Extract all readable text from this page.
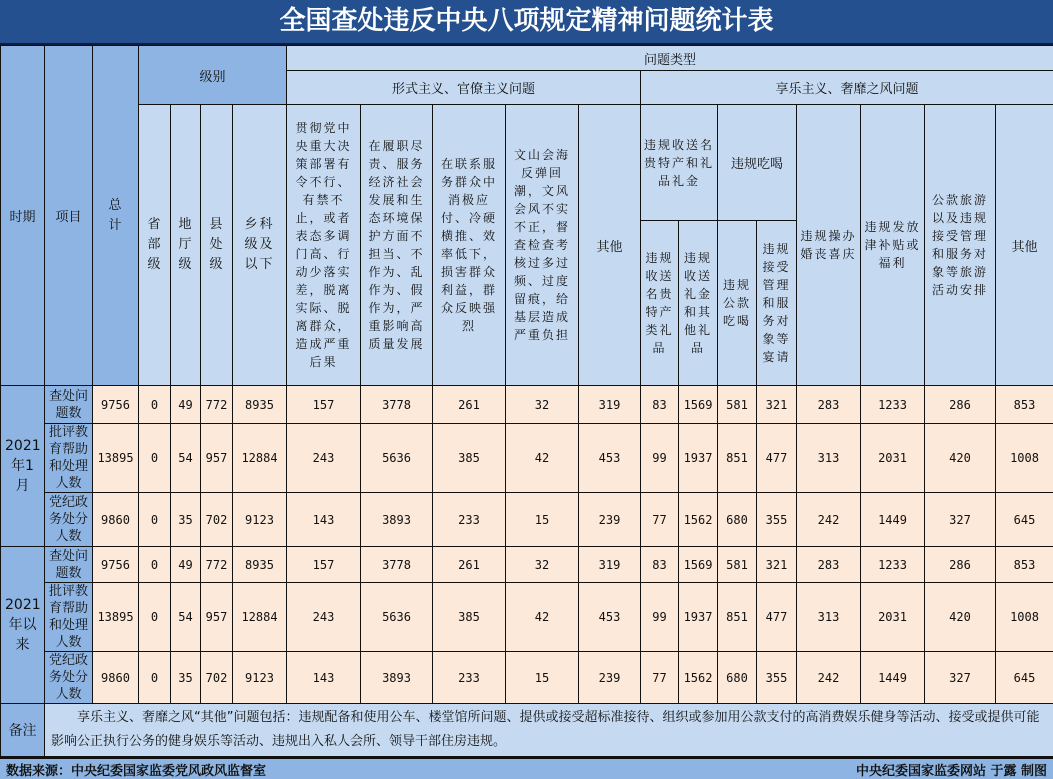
全国查处违反中央八项规定精神问题统计表
时期	项目	总计	级别				问题类型												
							形式主义、官僚主义问题					享乐主义、奢靡之风问题							

			省部级	地厅级	县处级	乡科级及以下	贯彻党中央重大决策部署有令不行、有禁不止，或者表态多调门高、行动少落实差，脱离实际、脱离群众，造成严重后果	在履职尽责、服务经济社会发展和生态环境保护方面不担当、不作为、乱作为、假作为，严重影响高质量发展	在联系服务群众中消极应付、冷硬横推、效率低下，损害群众利益，群众反映强烈	文山会海反弹回潮，文风会风不实不正，督查检查考核过多过频、过度留痕，给基层造成严重负担	其他	违规收送名贵特产和礼品礼金		违规吃喝		违规操办婚丧喜庆	违规发放津补贴或福利	公款旅游以及违规接受管理和服务对象等旅游活动安排	其他

												违规收送名贵特产类礼品	违规收送礼金和其他礼品	违规公款吃喝	违规接受管理和服务对象等宴请				

2021年1月	查处问题数	9756	0	49	772	8935	157	3778	261	32	319	83	1569	581	321	283	1233	286	853
	批评教育帮助和处理人数	13895	0	54	957	12884	243	5636	385	42	453	99	1937	851	477	313	2031	420	1008
	党纪政务处分人数	9860	0	35	702	9123	143	3893	233	15	239	77	1562	680	355	242	1449	327	645
2021年以来	查处问题数	9756	0	49	772	8935	157	3778	261	32	319	83	1569	581	321	283	1233	286	853
	批评教育帮助和处理人数	13895	0	54	957	12884	243	5636	385	42	453	99	1937	851	477	313	2031	420	1008
	党纪政务处分人数	9860	0	35	702	9123	143	3893	233	15	239	77	1562	680	355	242	1449	327	645
备注	享乐主义、奢靡之风“其他”问题包括：违规配备和使用公车、楼堂馆所问题、提供或接受超标准接待、组织或参加用公款支付的高消费娱乐健身等活动、接受或提供可能影响公正执行公务的健身娱乐等活动、违规出入私人会所、领导干部住房违规。																		
数据来源：中央纪委国家监委党风政风监督室	中央纪委国家监委网站 于露 制图
